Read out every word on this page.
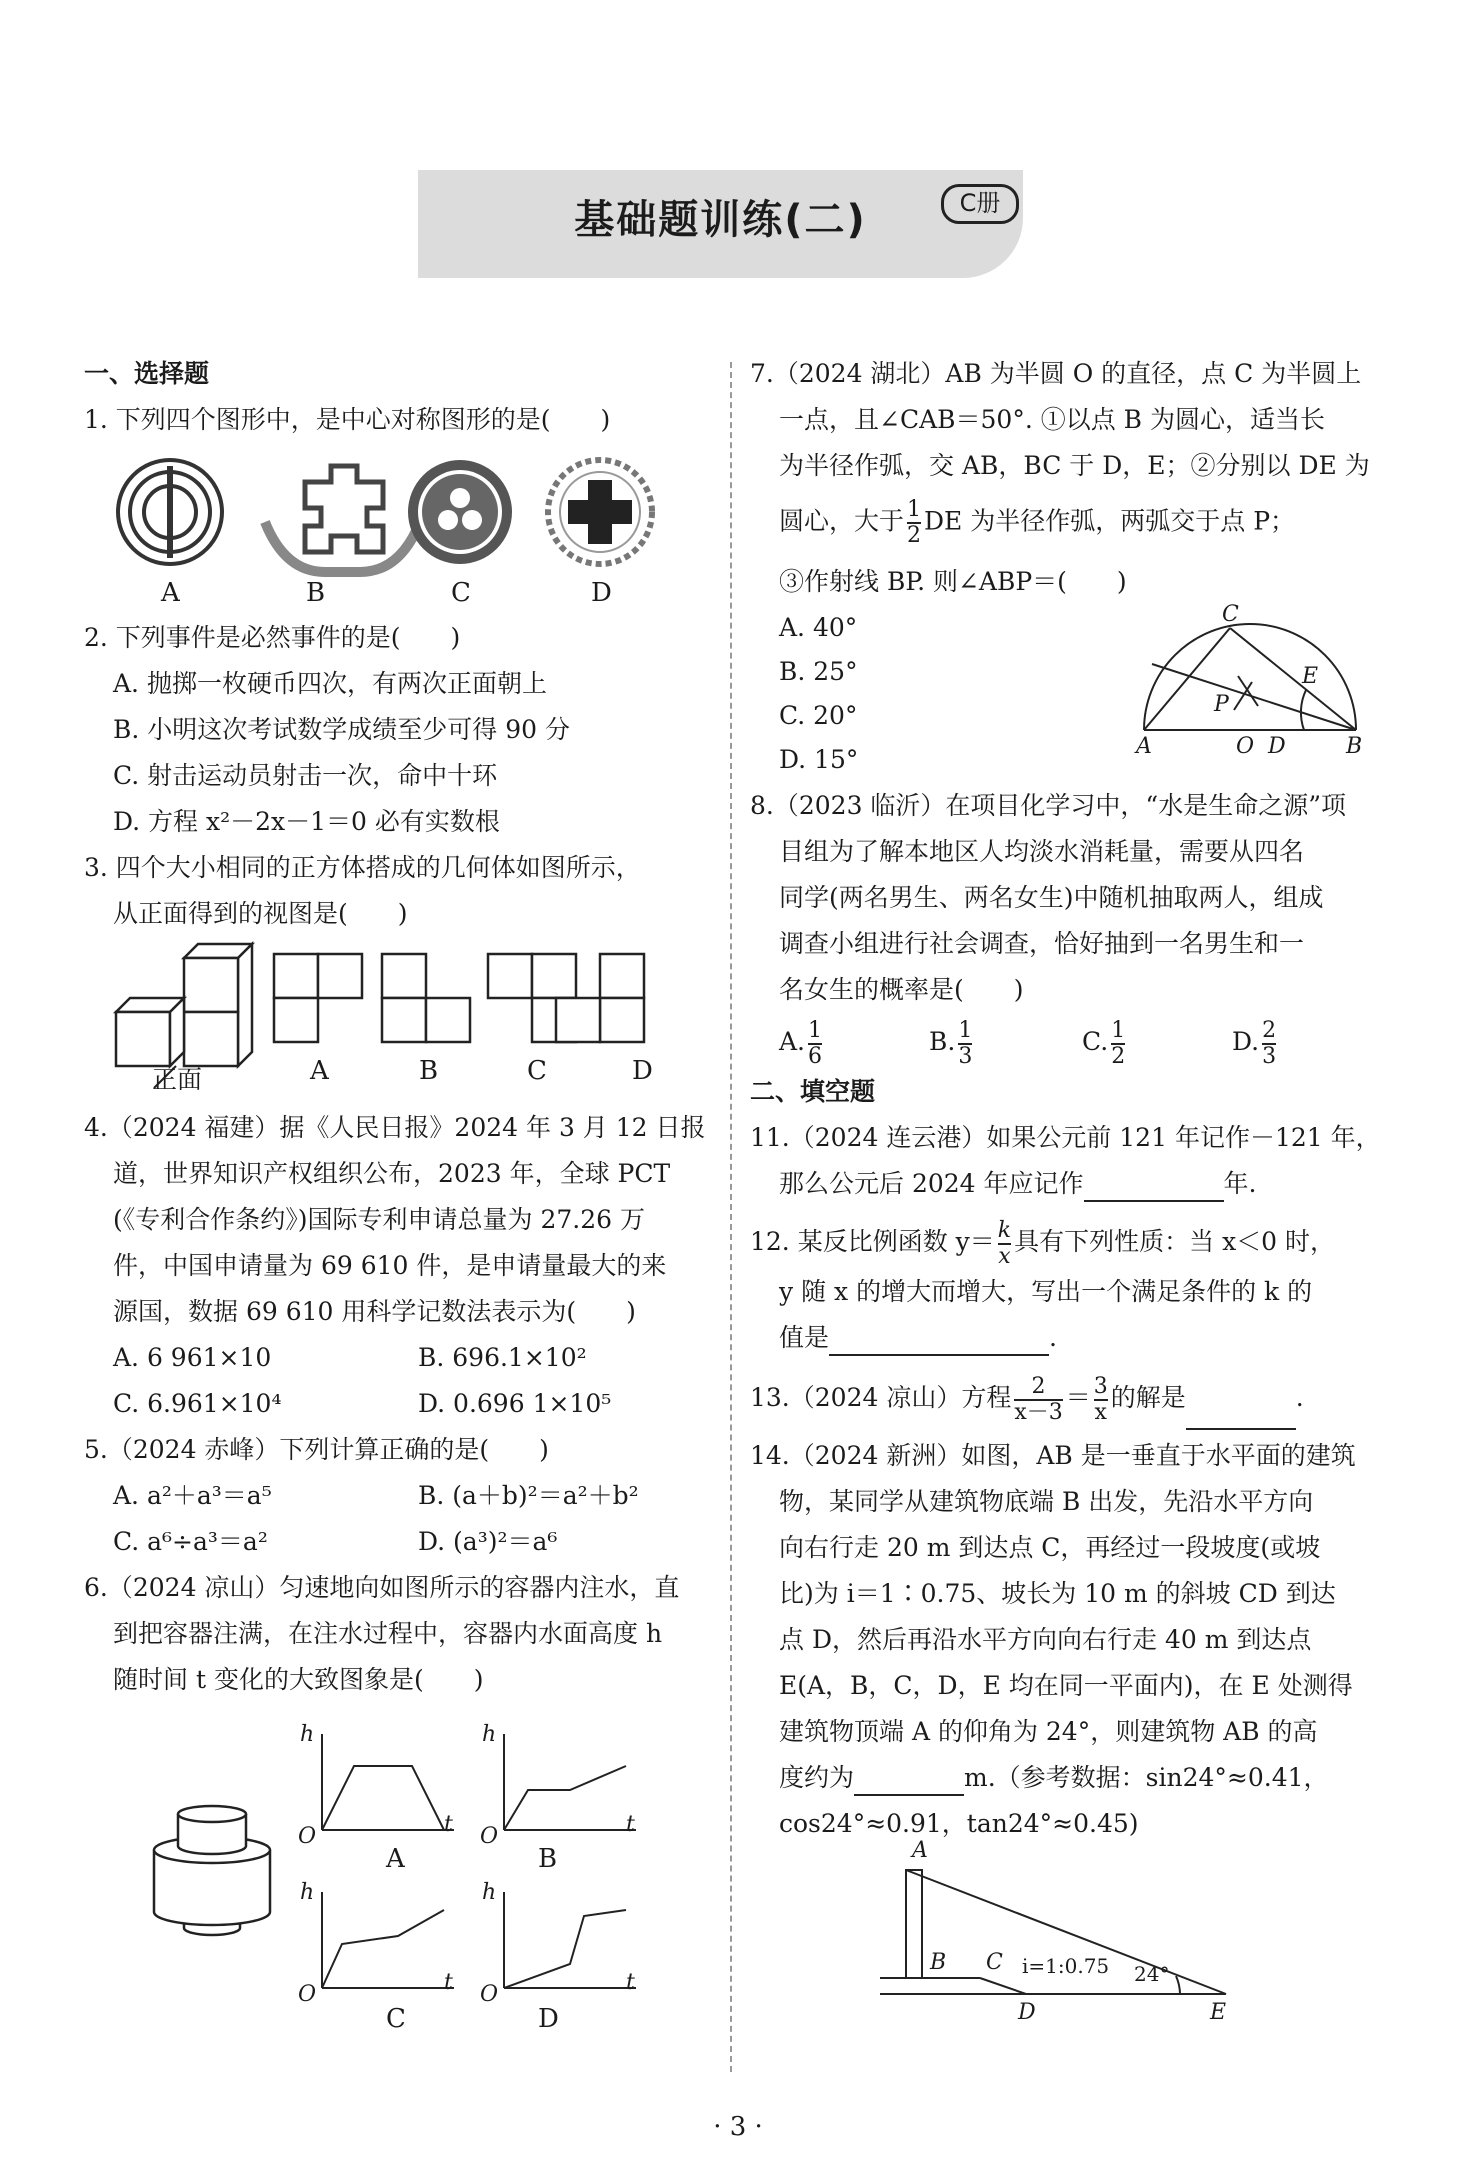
基础题训练(二)	C册
一、选择题
1. 下列四个图形中，是中心对称图形的是(　　)
A	B	C	D
2. 下列事件是必然事件的是(　　)
A. 抛掷一枚硬币四次，有两次正面朝上
B. 小明这次考试数学成绩至少可得 90 分
C. 射击运动员射击一次，命中十环
D. 方程 x²－2x－1＝0 必有实数根
3. 四个大小相同的正方体搭成的几何体如图所示，
从正面得到的视图是(　　)
正面	A	B	C	D
4.（2024 福建）据《人民日报》2024 年 3 月 12 日报
道，世界知识产权组织公布，2023 年，全球 PCT
(《专利合作条约》)国际专利申请总量为 27.26 万
件，中国申请量为 69 610 件，是申请量最大的来
源国，数据 69 610 用科学记数法表示为(　　)
A. 6 961×10	B. 696.1×10²
C. 6.961×10⁴	D. 0.696 1×10⁵
5.（2024 赤峰）下列计算正确的是(　　)
A. a²＋a³＝a⁵	B. (a＋b)²＝a²＋b²
C. a⁶÷a³＝a²	D. (a³)²＝a⁶
6.（2024 凉山）匀速地向如图所示的容器内注水，直
到把容器注满，在注水过程中，容器内水面高度 h
随时间 t 变化的大致图象是(　　)
h
O	t
h
O	t
h
O	t
h
O	t
A	B
C	D
7.（2024 湖北）AB 为半圆 O 的直径，点 C 为半圆上
一点，且∠CAB＝50°. ①以点 B 为圆心，适当长
为半径作弧，交 AB，BC 于 D，E；②分别以 DE 为
圆心，大于 $\frac{1}{2}$ DE 为半径作弧，两弧交于点 P；
③作射线 BP. 则∠ABP＝(　　)
A. 40°
B. 25°
C. 20°
D. 15°	A	B
C
O D
E
P
8.（2023 临沂）在项目化学习中，“水是生命之源”项
目组为了解本地区人均淡水消耗量，需要从四名
同学(两名男生、两名女生)中随机抽取两人，组成
调查小组进行社会调查，恰好抽到一名男生和一
名女生的概率是(　　)
A. $\frac{1}{6}$	B. $\frac{1}{3}$	C. $\frac{1}{2}$	D. $\frac{2}{3}$
二、填空题
11.（2024 连云港）如果公元前 121 年记作－121 年，
那么公元后 2024 年应记作	年.
12. 某反比例函数 $y= \frac{k}{x}$ 具有下列性质：当 x＜0 时，
y 随 x 的增大而增大，写出一个满足条件的 k 的
值是	.
13.（2024 凉山）方程 $\frac{2}{x-3} = \frac{3}{x}$ 的解是	.
14.（2024 新洲）如图，AB 是一垂直于水平面的建筑
物，某同学从建筑物底端 B 出发，先沿水平方向
向右行走 20 m 到达点 C，再经过一段坡度(或坡
比)为 i＝1∶0.75、坡长为 10 m 的斜坡 CD 到达
点 D，然后再沿水平方向向右行走 40 m 到达点
E(A，B，C，D，E 均在同一平面内)，在 E 处测得
建筑物顶端 A 的仰角为 24°，则建筑物 AB 的高
度约为	m.（参考数据：sin24°≈0.41，
cos24°≈0.91，tan24°≈0.45)
A
B C
D	E
i=1:0.75 24°
· 3 ·
